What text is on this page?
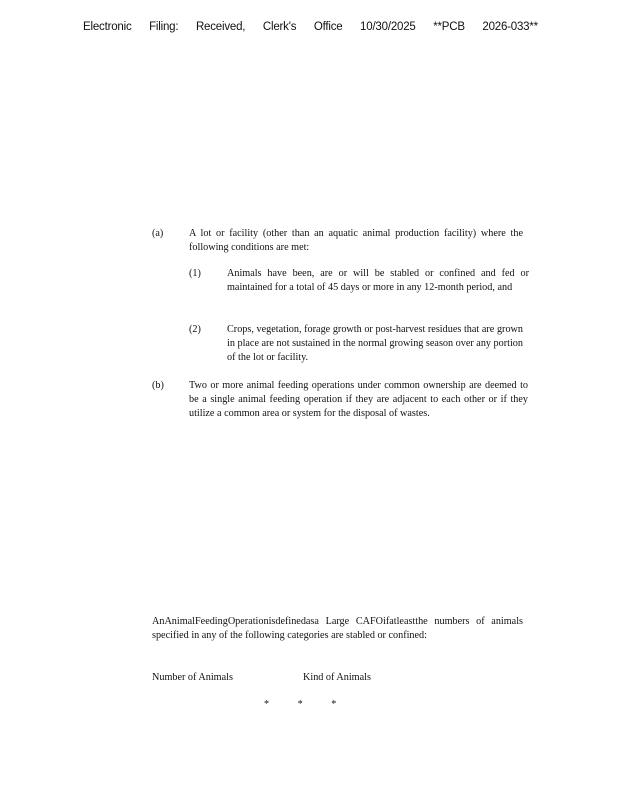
Electronic Filing: Received, Clerk's Office 10/30/2025 **PCB 2026-033**
(a)	A lot or facility (other than an aquatic animal production facility) where the following conditions are met:
(1)	Animals have been, are or will be stabled or confined and fed or maintained for a total of 45 days or more in any 12-month period, and
(2)	Crops, vegetation, forage growth or post-harvest residues that are grown in place are not sustained in the normal growing season over any portion of the lot or facility.
(b) Two or more animal feeding operations under common ownership are deemed to be a single animal feeding operation if they are adjacent to each other or if they utilize a common area or system for the disposal of wastes.
AnAnimalFeedingOperationisdefinedasa Large CAFOifatleastthe numbers of animals specified in any of the following categories are stabled or confined:
Number of Animals	Kind of Animals
* * *
